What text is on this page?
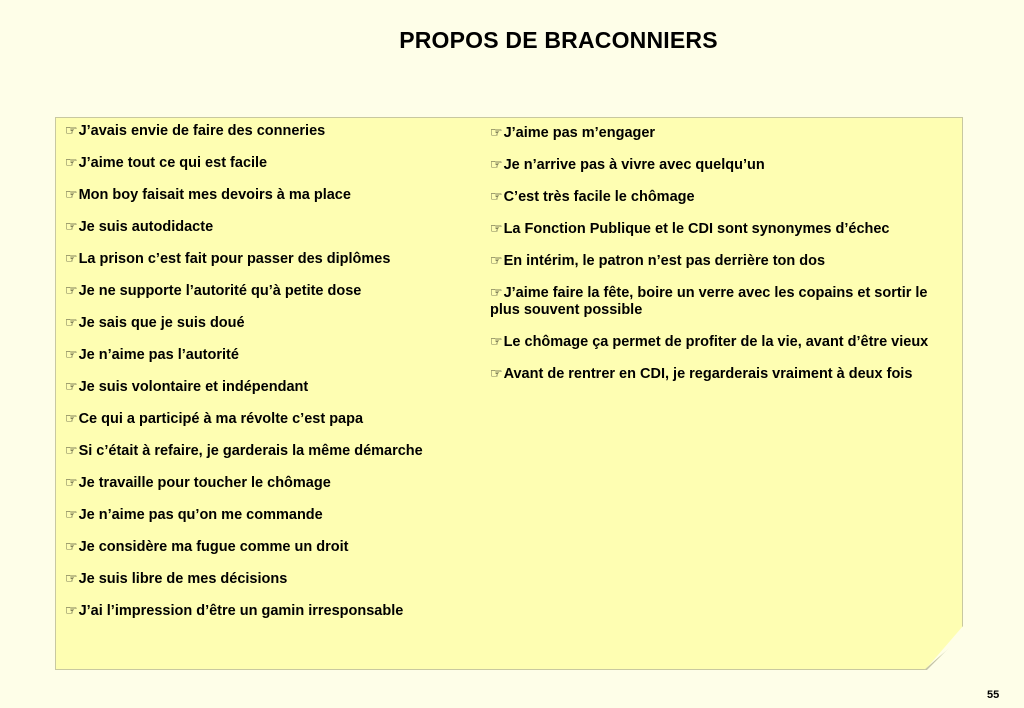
PROPOS DE BRACONNIERS

☞J’avais envie de faire des conneries

☞J’aime tout ce qui est facile

☞Mon boy faisait mes devoirs à ma place

☞Je suis autodidacte

☞La prison c’est fait pour passer des diplômes

☞Je ne supporte l’autorité qu’à petite dose

☞Je sais que je suis doué

☞Je n’aime pas l’autorité

☞Je suis volontaire et indépendant

☞Ce qui a participé à ma révolte c’est papa

☞Si c’était à refaire, je garderais la même démarche

☞Je travaille pour toucher le chômage

☞Je n’aime pas qu’on me commande

☞Je considère ma fugue comme un droit

☞Je suis libre de mes décisions

☞J’ai l’impression d’être un gamin irresponsable

☞J’aime pas m’engager

☞Je n’arrive pas à vivre avec quelqu’un

☞C’est très facile le chômage

☞La Fonction Publique et le CDI sont synonymes d’échec

☞En intérim, le patron n’est pas derrière ton dos

☞J’aime faire la fête, boire un verre avec les copains et sortir le plus souvent possible

☞Le chômage ça permet de profiter de la vie, avant d’être vieux

☞Avant de rentrer en CDI, je regarderais vraiment à deux fois

55
